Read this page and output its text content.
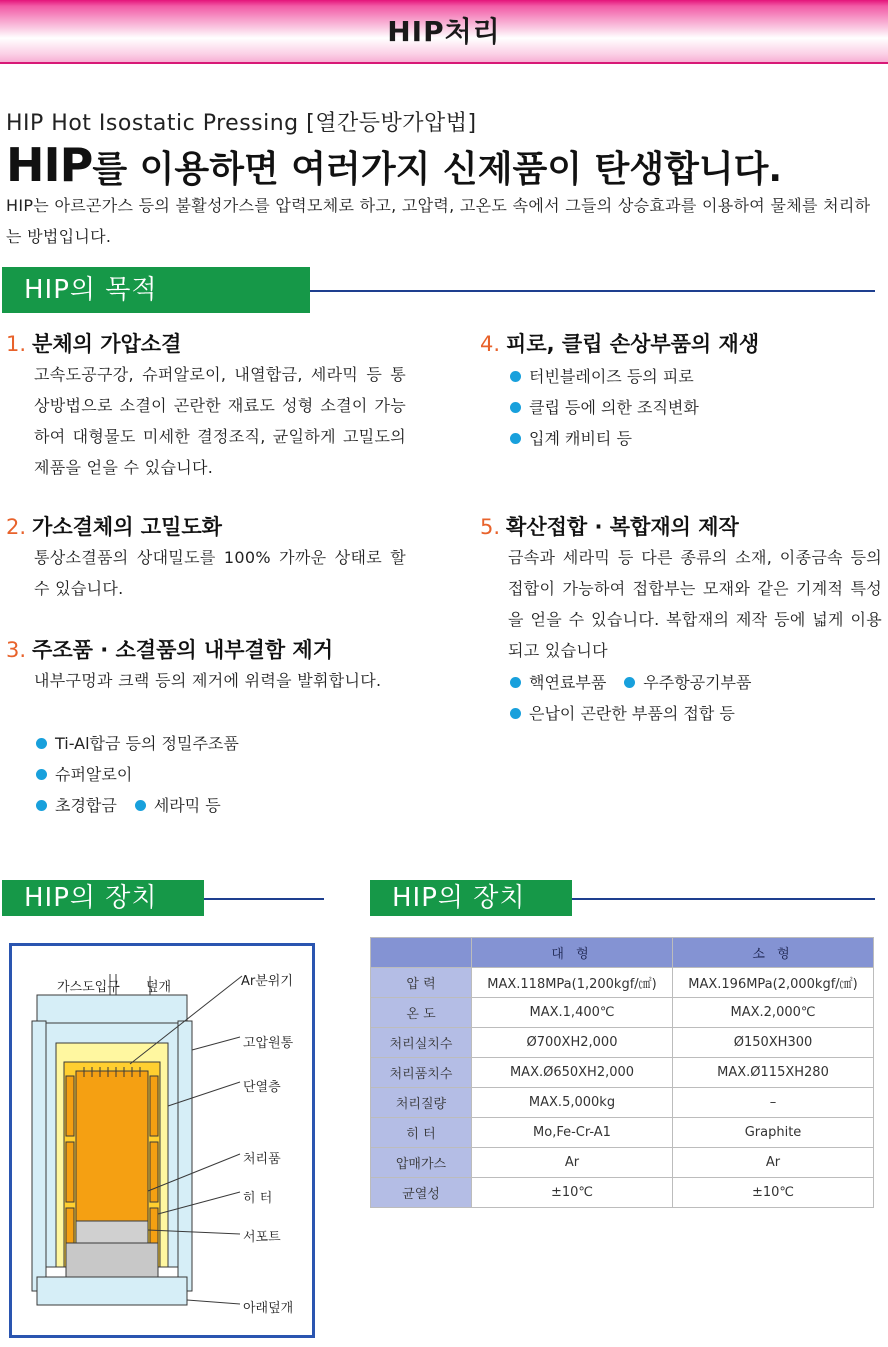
HIP처리
HIP Hot Isostatic Pressing [열간등방가압법]
HIP를 이용하면 여러가지 신제품이 탄생합니다.
HIP는 아르곤가스 등의 불활성가스를 압력모체로 하고, 고압력, 고온도 속에서 그들의 상승효과를 이용하여 물체를 처리하는 방법입니다.
HIP의 목적
1. 분체의 가압소결
고속도공구강, 슈퍼알로이, 내열합금, 세라믹 등 통상방법으로 소결이 곤란한 재료도 성형 소결이 가능하여 대형물도 미세한 결정조직, 균일하게 고밀도의 제품을 얻을 수 있습니다.
2. 가소결체의 고밀도화
통상소결품의 상대밀도를 100% 가까운 상태로 할 수 있습니다.
3. 주조품 · 소결품의 내부결함 제거
내부구멍과 크랙 등의 제거에 위력을 발휘합니다.
Ti-Al합금 등의 정밀주조품
슈퍼알로이
초경합금 세라믹 등
4. 피로, 클립 손상부품의 재생
터빈블레이즈 등의 피로
클립 등에 의한 조직변화
입계 캐비티 등
5. 확산접합 · 복합재의 제작
금속과 세라믹 등 다른 종류의 소재, 이종금속 등의 접합이 가능하여 접합부는 모재와 같은 기계적 특성을 얻을 수 있습니다. 복합재의 제작 등에 넓게 이용되고 있습니다
핵연료부품 우주항공기부품
은납이 곤란한 부품의 접합 등
HIP의 장치	HIP의 장치
가스도입구 덮개	Ar분위기
고압원통
단열층
처리품
히 터
서포트
아래덮개
	대 형	소 형
압 력	MAX.118MPa(1,200kgf/㎠)	MAX.196MPa(2,000kgf/㎠)
온 도	MAX.1,400℃	MAX.2,000℃
처리실치수	Ø700XH2,000	Ø150XH300
처리품치수	MAX.Ø650XH2,000	MAX.Ø115XH280
처리질량	MAX.5,000kg	–
히 터	Mo,Fe-Cr-A1	Graphite
압매가스	Ar	Ar
균열성	±10℃	±10℃
